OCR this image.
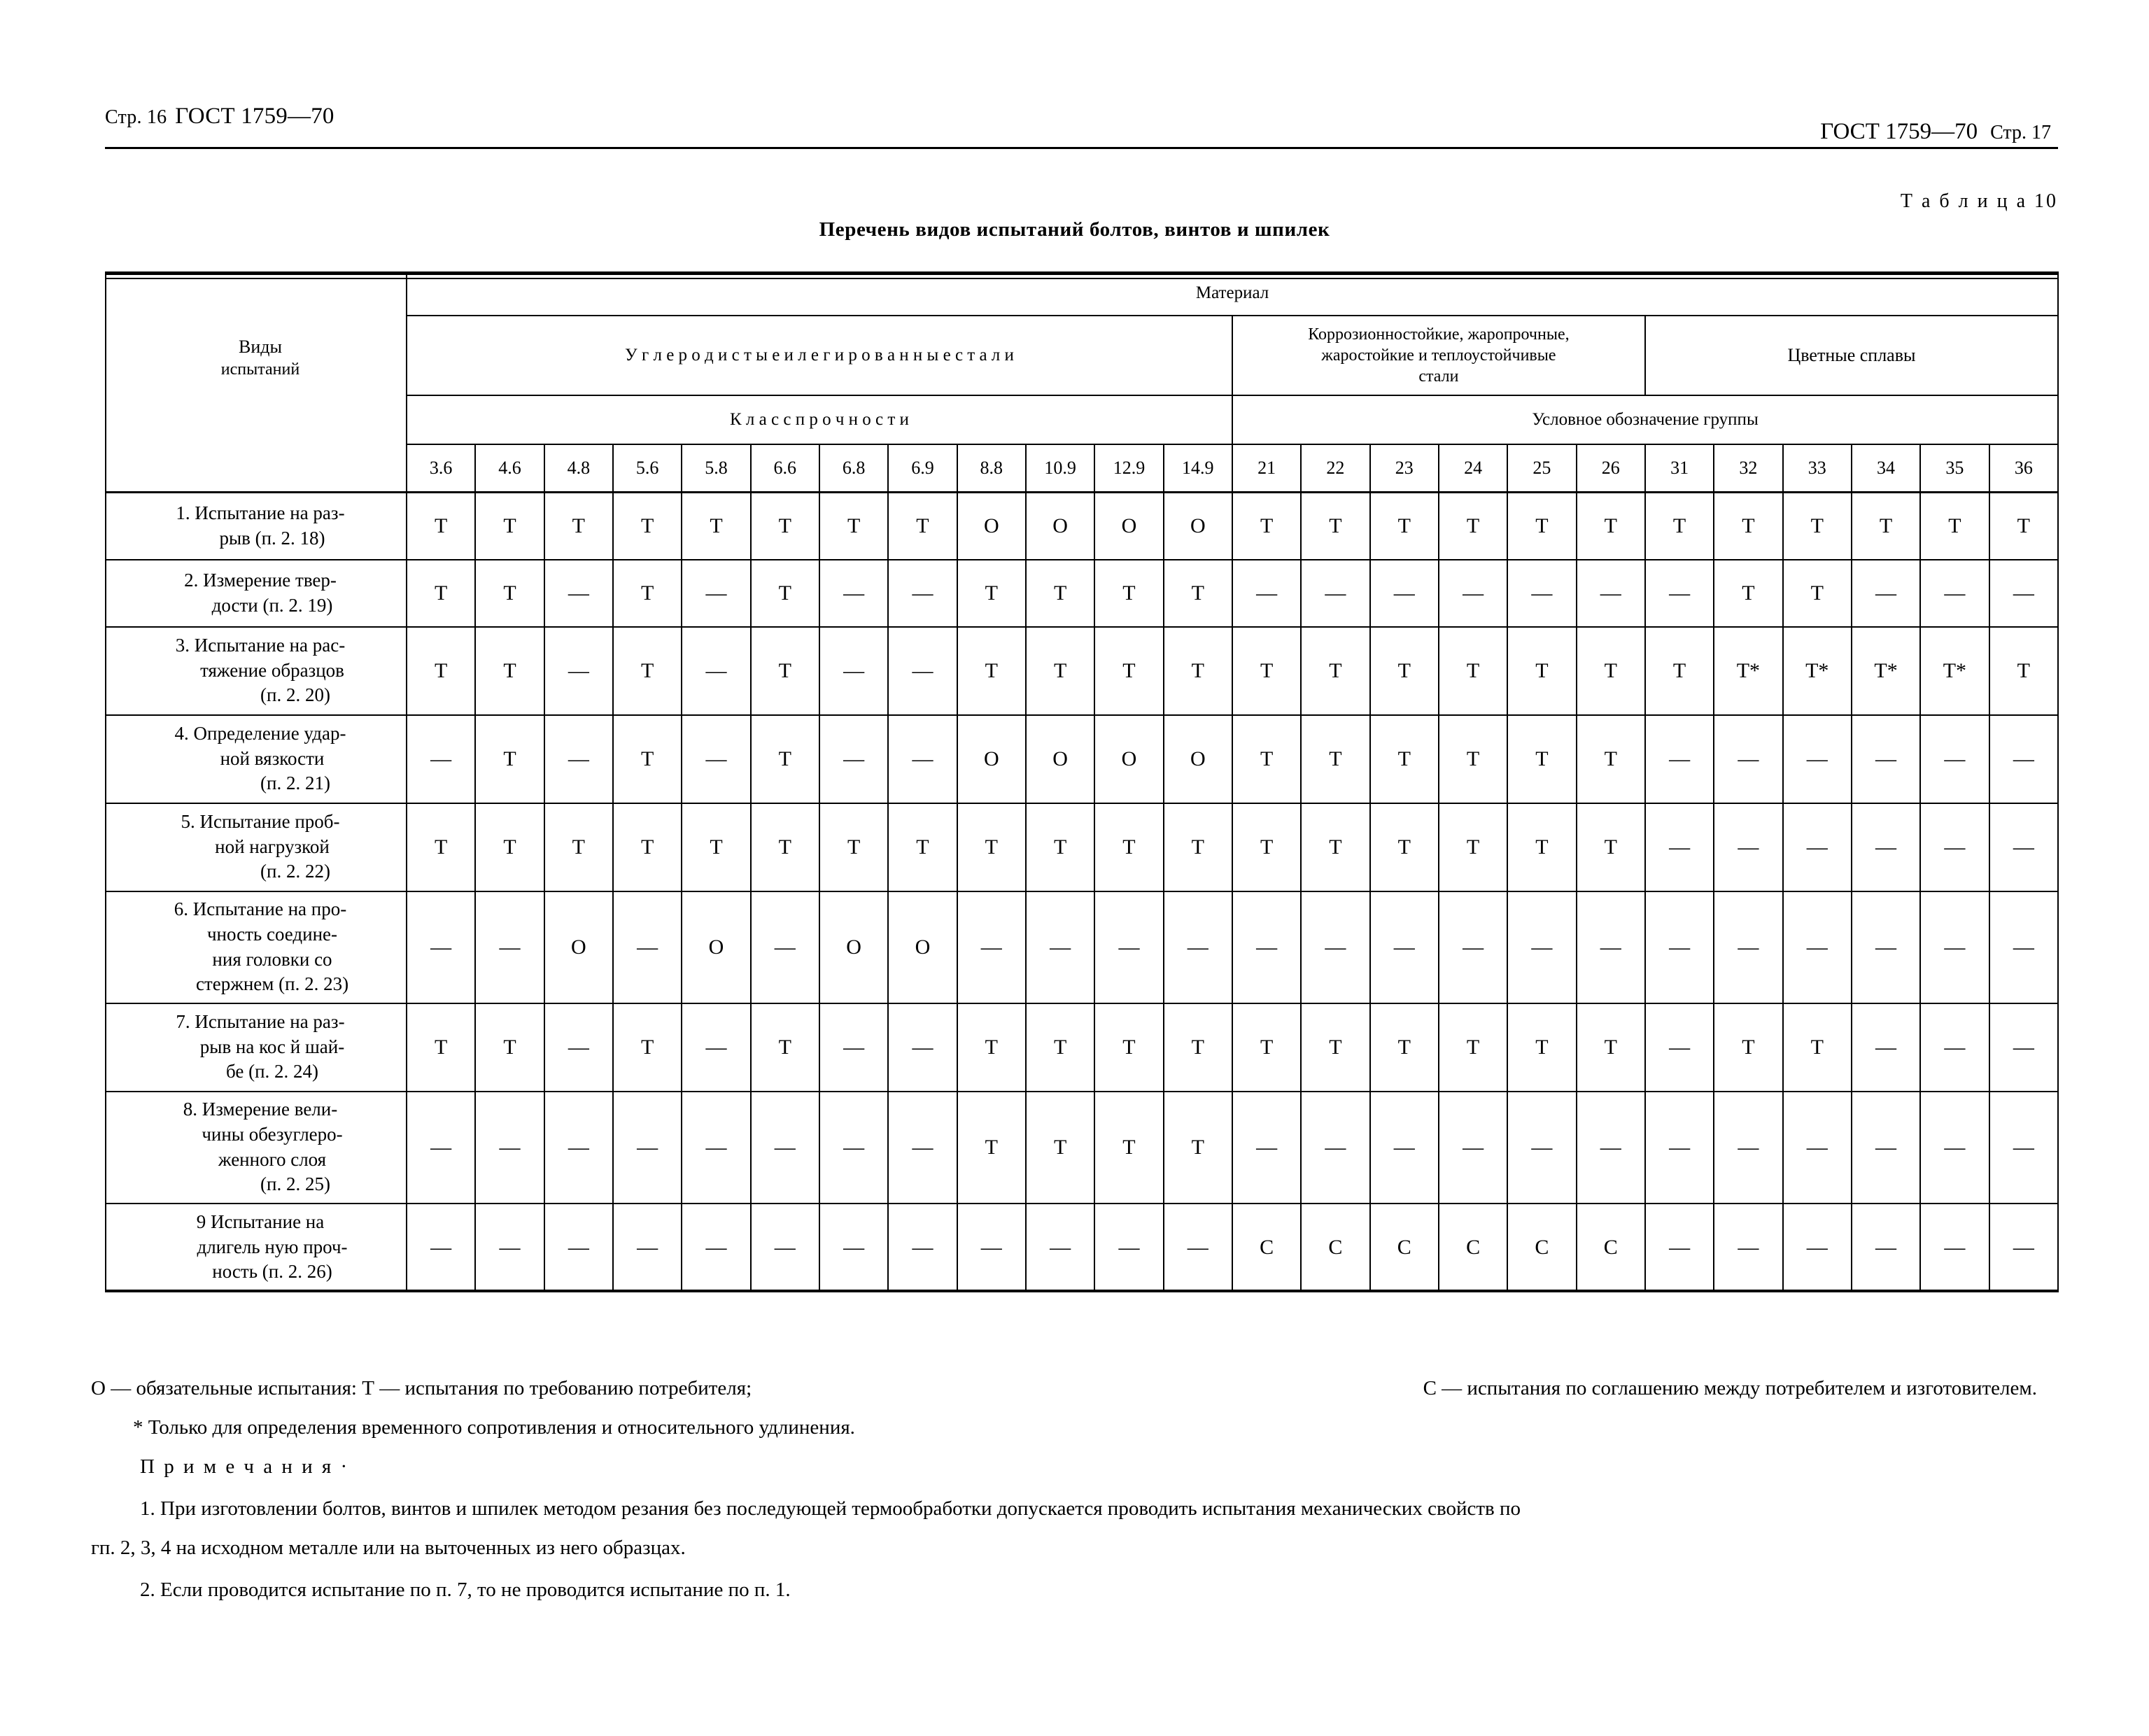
Стр. 16 ГОСТ 1759—70
ГОСТ 1759—70 Стр. 17
Т а б л и ц а 10
Перечень видов испытаний болтов, винтов и шпилек
Виды
испытаний	Материал																							
	У г л е р о д и с т ы е и л е г и р о в а н н ы е с т а л и												Коррозионностойкие, жаропрочные,
жаростойкие и теплоустойчивые
стали						Цветные сплавы					
	К л а с с п р о ч н о с т и												Условное обозначение группы											
	3.6	4.6	4.8	5.6	5.8	6.6	6.8	6.9	8.8	10.9	12.9	14.9	21	22	23	24	25	26	31	32	33	34	35	36

1. Испытание на раз-
рыв (п. 2. 18)	Т	Т	Т	Т	Т	Т	Т	Т	О	О	О	О	Т	Т	Т	Т	Т	Т	Т	Т	Т	Т	Т	Т

2. Измерение твер-
дости (п. 2. 19)	Т	Т	—	Т	—	Т	—	—	Т	Т	Т	Т	—	—	—	—	—	—	—	Т	Т	—	—	—

3. Испытание на рас-
тяжение образцов
(п. 2. 20)	Т	Т	—	Т	—	Т	—	—	Т	Т	Т	Т	Т	Т	Т	Т	Т	Т	Т	Т*	Т*	Т*	Т*	Т

4. Определение удар-
ной вязкости
(п. 2. 21)	—	Т	—	Т	—	Т	—	—	О	О	О	О	Т	Т	Т	Т	Т	Т	—	—	—	—	—	—

5. Испытание проб-
ной нагрузкой
(п. 2. 22)	Т	Т	Т	Т	Т	Т	Т	Т	Т	Т	Т	Т	Т	Т	Т	Т	Т	Т	—	—	—	—	—	—

6. Испытание на про-
чность соедине-
ния головки со
стержнем (п. 2. 23)	—	—	О	—	О	—	О	О	—	—	—	—	—	—	—	—	—	—	—	—	—	—	—	—

7. Испытание на раз-
рыв на кос й шай-
бе (п. 2. 24)	Т	Т	—	Т	—	Т	—	—	Т	Т	Т	Т	Т	Т	Т	Т	Т	Т	—	Т	Т	—	—	—

8. Измерение вели-
чины обезуглеро-
женного слоя
(п. 2. 25)	—	—	—	—	—	—	—	—	Т	Т	Т	Т	—	—	—	—	—	—	—	—	—	—	—	—

9 Испытание на
длигель ную проч-
ность (п. 2. 26)	—	—	—	—	—	—	—	—	—	—	—	—	С	С	С	С	С	С	—	—	—	—	—	—
О — обязательные испытания: Т — испытания по требованию потребителя;	С — испытания по соглашению между потребителем и изготовителем.
* Только для определения временного сопротивления и относительного удлинения.
П р и м е ч а н и я ·
1. При изготовлении болтов, винтов и шпилек методом резания без последующей термообработки допускается проводить испытания механических свойств по
гп. 2, 3, 4 на исходном металле или на выточенных из него образцах.
2. Если проводится испытание по п. 7, то не проводится испытание по п. 1.
